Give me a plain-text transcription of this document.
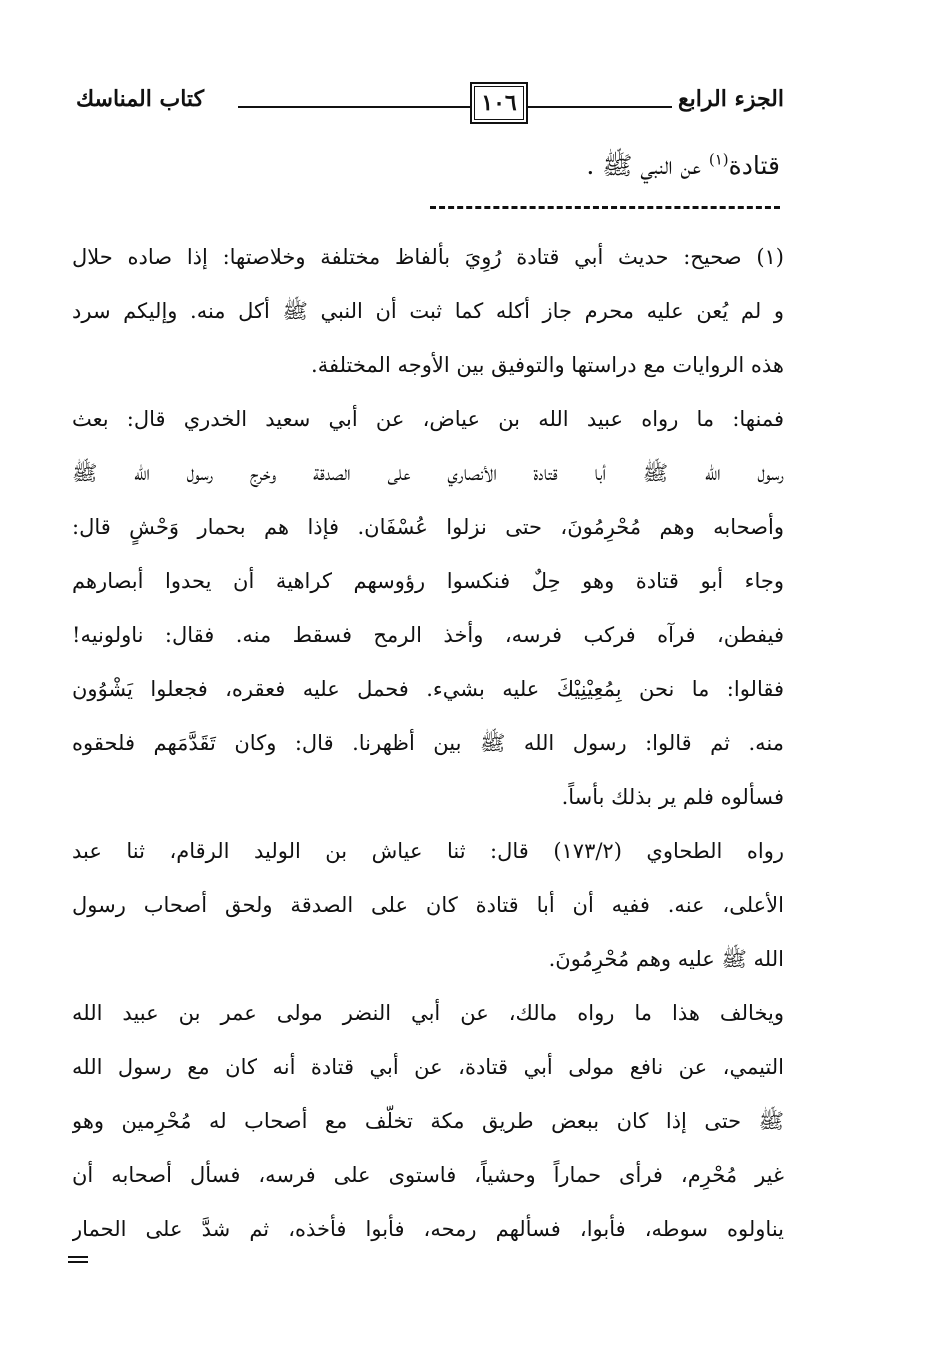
الجزء الرابع
١٠٦
كتاب المناسك
قتادة$^{(١)}$ عن النبي ﷺ .
(١) صحيح: حديث أبي قتادة رُوِيَ بألفاظ مختلفة وخلاصتها: إذا صاده حلال
و لم يُعن عليه محرم جاز أكله كما ثبت أن النبي ﷺ أكل منه. وإليكم سرد
هذه الروايات مع دراستها والتوفيق بين الأوجه المختلفة.
فمنها: ما رواه عبيد الله بن عياض، عن أبي سعيد الخدري قال: بعث
رسول الله ﷺ أبا قتادة الأنصاري على الصدقة وخرج رسول الله ﷺ
وأصحابه وهم مُحْرِمُونَ، حتى نزلوا عُسْفَان. فإذا هم بحمار وَحْشٍ قال:
وجاء أبو قتادة وهو حِلٌ فنكسوا رؤوسهم كراهية أن يحدوا أبصارهم
فيفطن، فرآه فركب فرسه، وأخذ الرمح فسقط منه. فقال: ناولونيه!
فقالوا: ما نحن بِمُعِيْنِيْكَ عليه بشيء. فحمل عليه فعقره، فجعلوا يَشْوُون
منه. ثم قالوا: رسول الله ﷺ بين أظهرنا. قال: وكان تَقَدَّمَهم فلحقوه
فسألوه فلم ير بذلك بأساً.
رواه الطحاوي (١٧٣/٢) قال: ثنا عياش بن الوليد الرقام، ثنا عبد
الأعلى، عنه. ففيه أن أبا قتادة كان على الصدقة ولحق أصحاب رسول
الله ﷺ عليه وهم مُحْرِمُونَ.
ويخالف هذا ما رواه مالك، عن أبي النضر مولى عمر بن عبيد الله
التيمي، عن نافع مولى أبي قتادة، عن أبي قتادة أنه كان مع رسول الله
ﷺ حتى إذا كان ببعض طريق مكة تخلّف مع أصحاب له مُحْرِمين وهو
غير مُحْرِم، فرأى حماراً وحشياً، فاستوى على فرسه، فسأل أصحابه أن
يناولوه سوطه، فأبوا، فسألهم رمحه، فأبوا فأخذه، ثم شدَّ على الحمار
